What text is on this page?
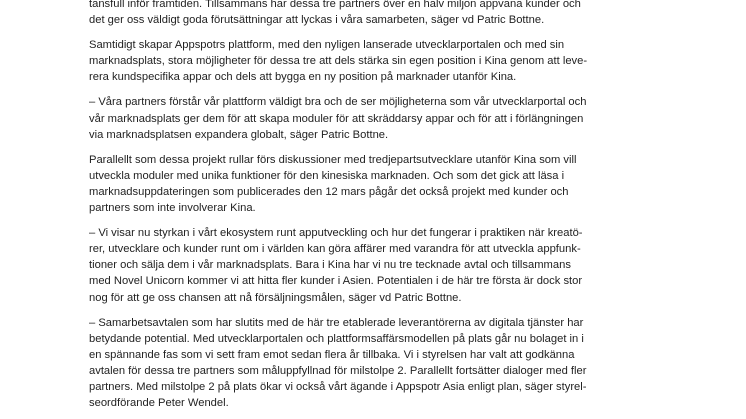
tansfull inför framtiden. Tillsammans har dessa tre partners över en halv miljon appvana kunder och
det ger oss väldigt goda förutsättningar att lyckas i våra samarbeten, säger vd Patric Bottne.

Samtidigt skapar Appspotrs plattform, med den nyligen lanserade utvecklarportalen och med sin
marknadsplats, stora möjligheter för dessa tre att dels stärka sin egen position i Kina genom att leve-
rera kundspecifika appar och dels att bygga en ny position på marknader utanför Kina.

– Våra partners förstår vår plattform väldigt bra och de ser möjligheterna som vår utvecklarportal och
vår marknadsplats ger dem för att skapa moduler för att skräddarsy appar och för att i förlängningen
via marknadsplatsen expandera globalt, säger Patric Bottne.

Parallellt som dessa projekt rullar förs diskussioner med tredjepartsutvecklare utanför Kina som vill
utveckla moduler med unika funktioner för den kinesiska marknaden. Och som det gick att läsa i
marknadsuppdateringen som publicerades den 12 mars pågår det också projekt med kunder och
partners som inte involverar Kina.

– Vi visar nu styrkan i vårt ekosystem runt apputveckling och hur det fungerar i praktiken när kreatö-
rer, utvecklare och kunder runt om i världen kan göra affärer med varandra för att utveckla appfunk-
tioner och sälja dem i vår marknadsplats. Bara i Kina har vi nu tre tecknade avtal och tillsammans
med Novel Unicorn kommer vi att hitta fler kunder i Asien. Potentialen i de här tre första är dock stor
nog för att ge oss chansen att nå försäljningsmålen, säger vd Patric Bottne.

– Samarbetsavtalen som har slutits med de här tre etablerade leverantörerna av digitala tjänster har
betydande potential. Med utvecklarportalen och plattformsaffärsmodellen på plats går nu bolaget in i
en spännande fas som vi sett fram emot sedan flera år tillbaka. Vi i styrelsen har valt att godkänna
avtalen för dessa tre partners som måluppfyllnad för milstolpe 2. Parallellt fortsätter dialoger med fler
partners. Med milstolpe 2 på plats ökar vi också vårt ägande i Appspotr Asia enligt plan, säger styrel-
seordförande Peter Wendel.
